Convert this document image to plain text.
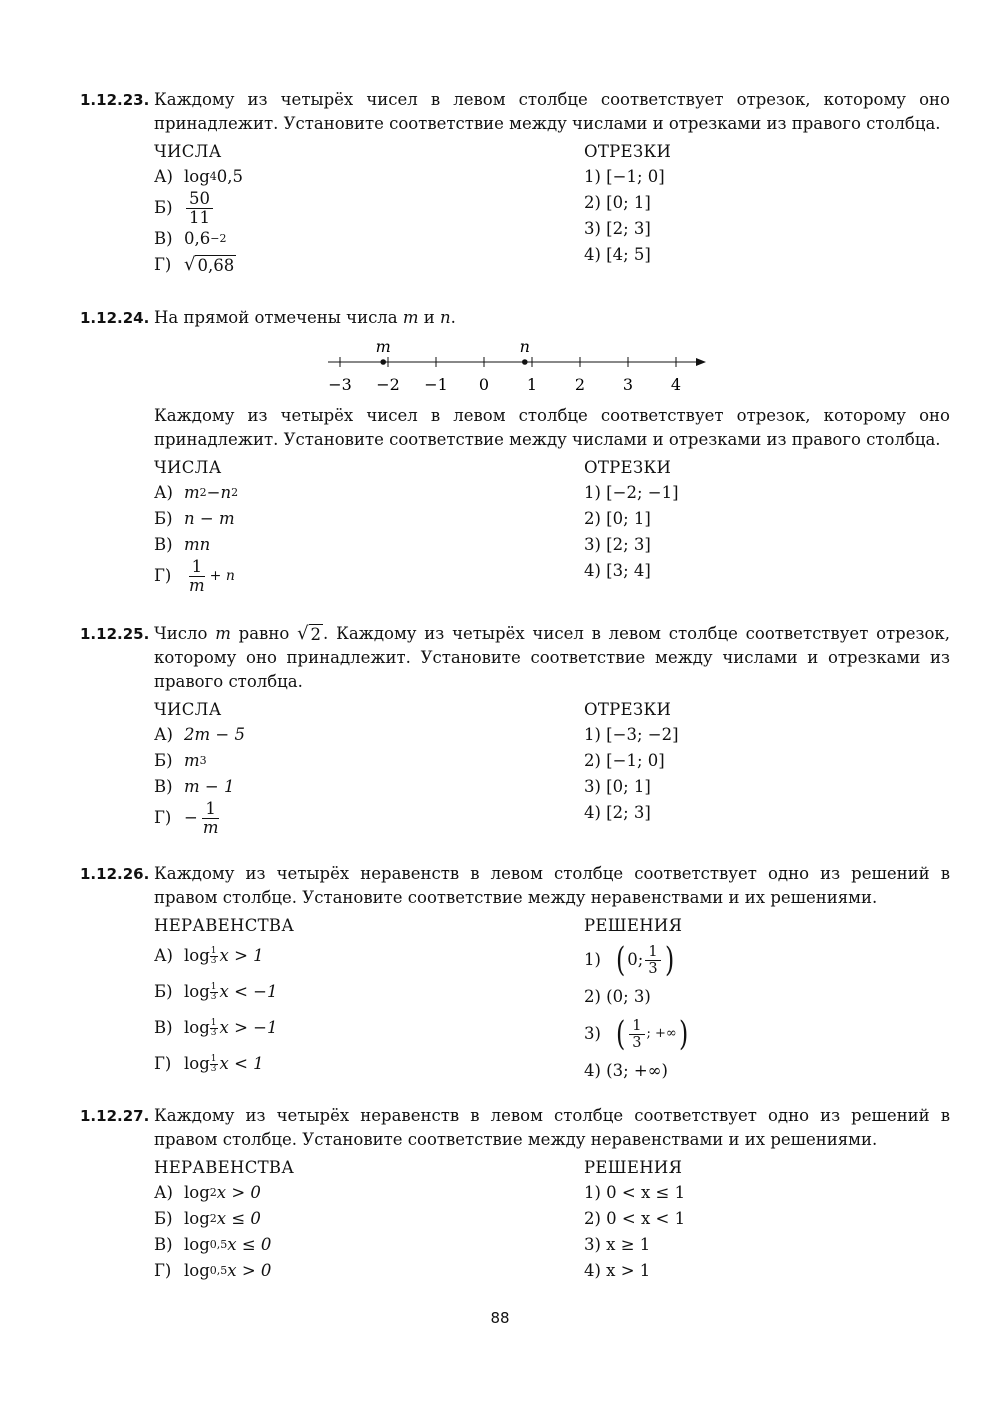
1.12.23. Каждому из четырёх чисел в левом столбце соответствует отрезок, которому оно принадлежит. Установите соответствие между числами и отрезками из правого столбца.
ЧИСЛА
А) log 4 0,5
$Б) \frac{50}{11}$
В) 0,6 −2
Г) √ 0,68
ОТРЕЗКИ
1) [−1; 0]
2) [0; 1]
3) [2; 3]
4) [4; 5]
1.12.24. На прямой отмечены числа m и n.
−3 −2 −1 0 1 2 3 4
m	n
Каждому из четырёх чисел в левом столбце соответствует отрезок, которому оно принадлежит. Установите соответствие между числами и отрезками из правого столбца.
ЧИСЛА
А) m 2 − n 2
Б) n − m
В) mn
$Г) \frac{1}{m} + n$
ОТРЕЗКИ
1) [−2; −1]
2) [0; 1]
3) [2; 3]
4) [3; 4]
1.12.25. Число m равно √ 2 . Каждому из четырёх чисел в левом столбце соответствует отрезок, которому оно принадлежит. Установите соответствие между числами и отрезками из правого столбца.
ЧИСЛА
А) 2m − 5
Б) m 3
В) m − 1
$Г) - \frac{1}{m}$
ОТРЕЗКИ
1) [−3; −2]
2) [−1; 0]
3) [0; 1]
4) [2; 3]
1.12.26. Каждому из четырёх неравенств в левом столбце соответствует одно из решений в правом столбце. Установите соответствие между неравенствами и их решениями.
НЕРАВЕНСТВА
А) log 1
3 x > 1
Б) log 1
3 x < −1
В) log 1
3 x > −1
Г) log 1
3 x < 1
РЕШЕНИЯ
1) ( 0; $\frac{1}{3}$ )
2) (0; 3)
3) ( $\frac{1}{3}$ ; +∞ )
4) (3; +∞)
1.12.27. Каждому из четырёх неравенств в левом столбце соответствует одно из решений в правом столбце. Установите соответствие между неравенствами и их решениями.
НЕРАВЕНСТВА
А) log 2 x > 0
Б) log 2 x ≤ 0
В) log 0,5 x ≤ 0
Г) log 0,5 x > 0
РЕШЕНИЯ
1) 0 < x ≤ 1
2) 0 < x < 1
3) x ≥ 1
4) x > 1
88
